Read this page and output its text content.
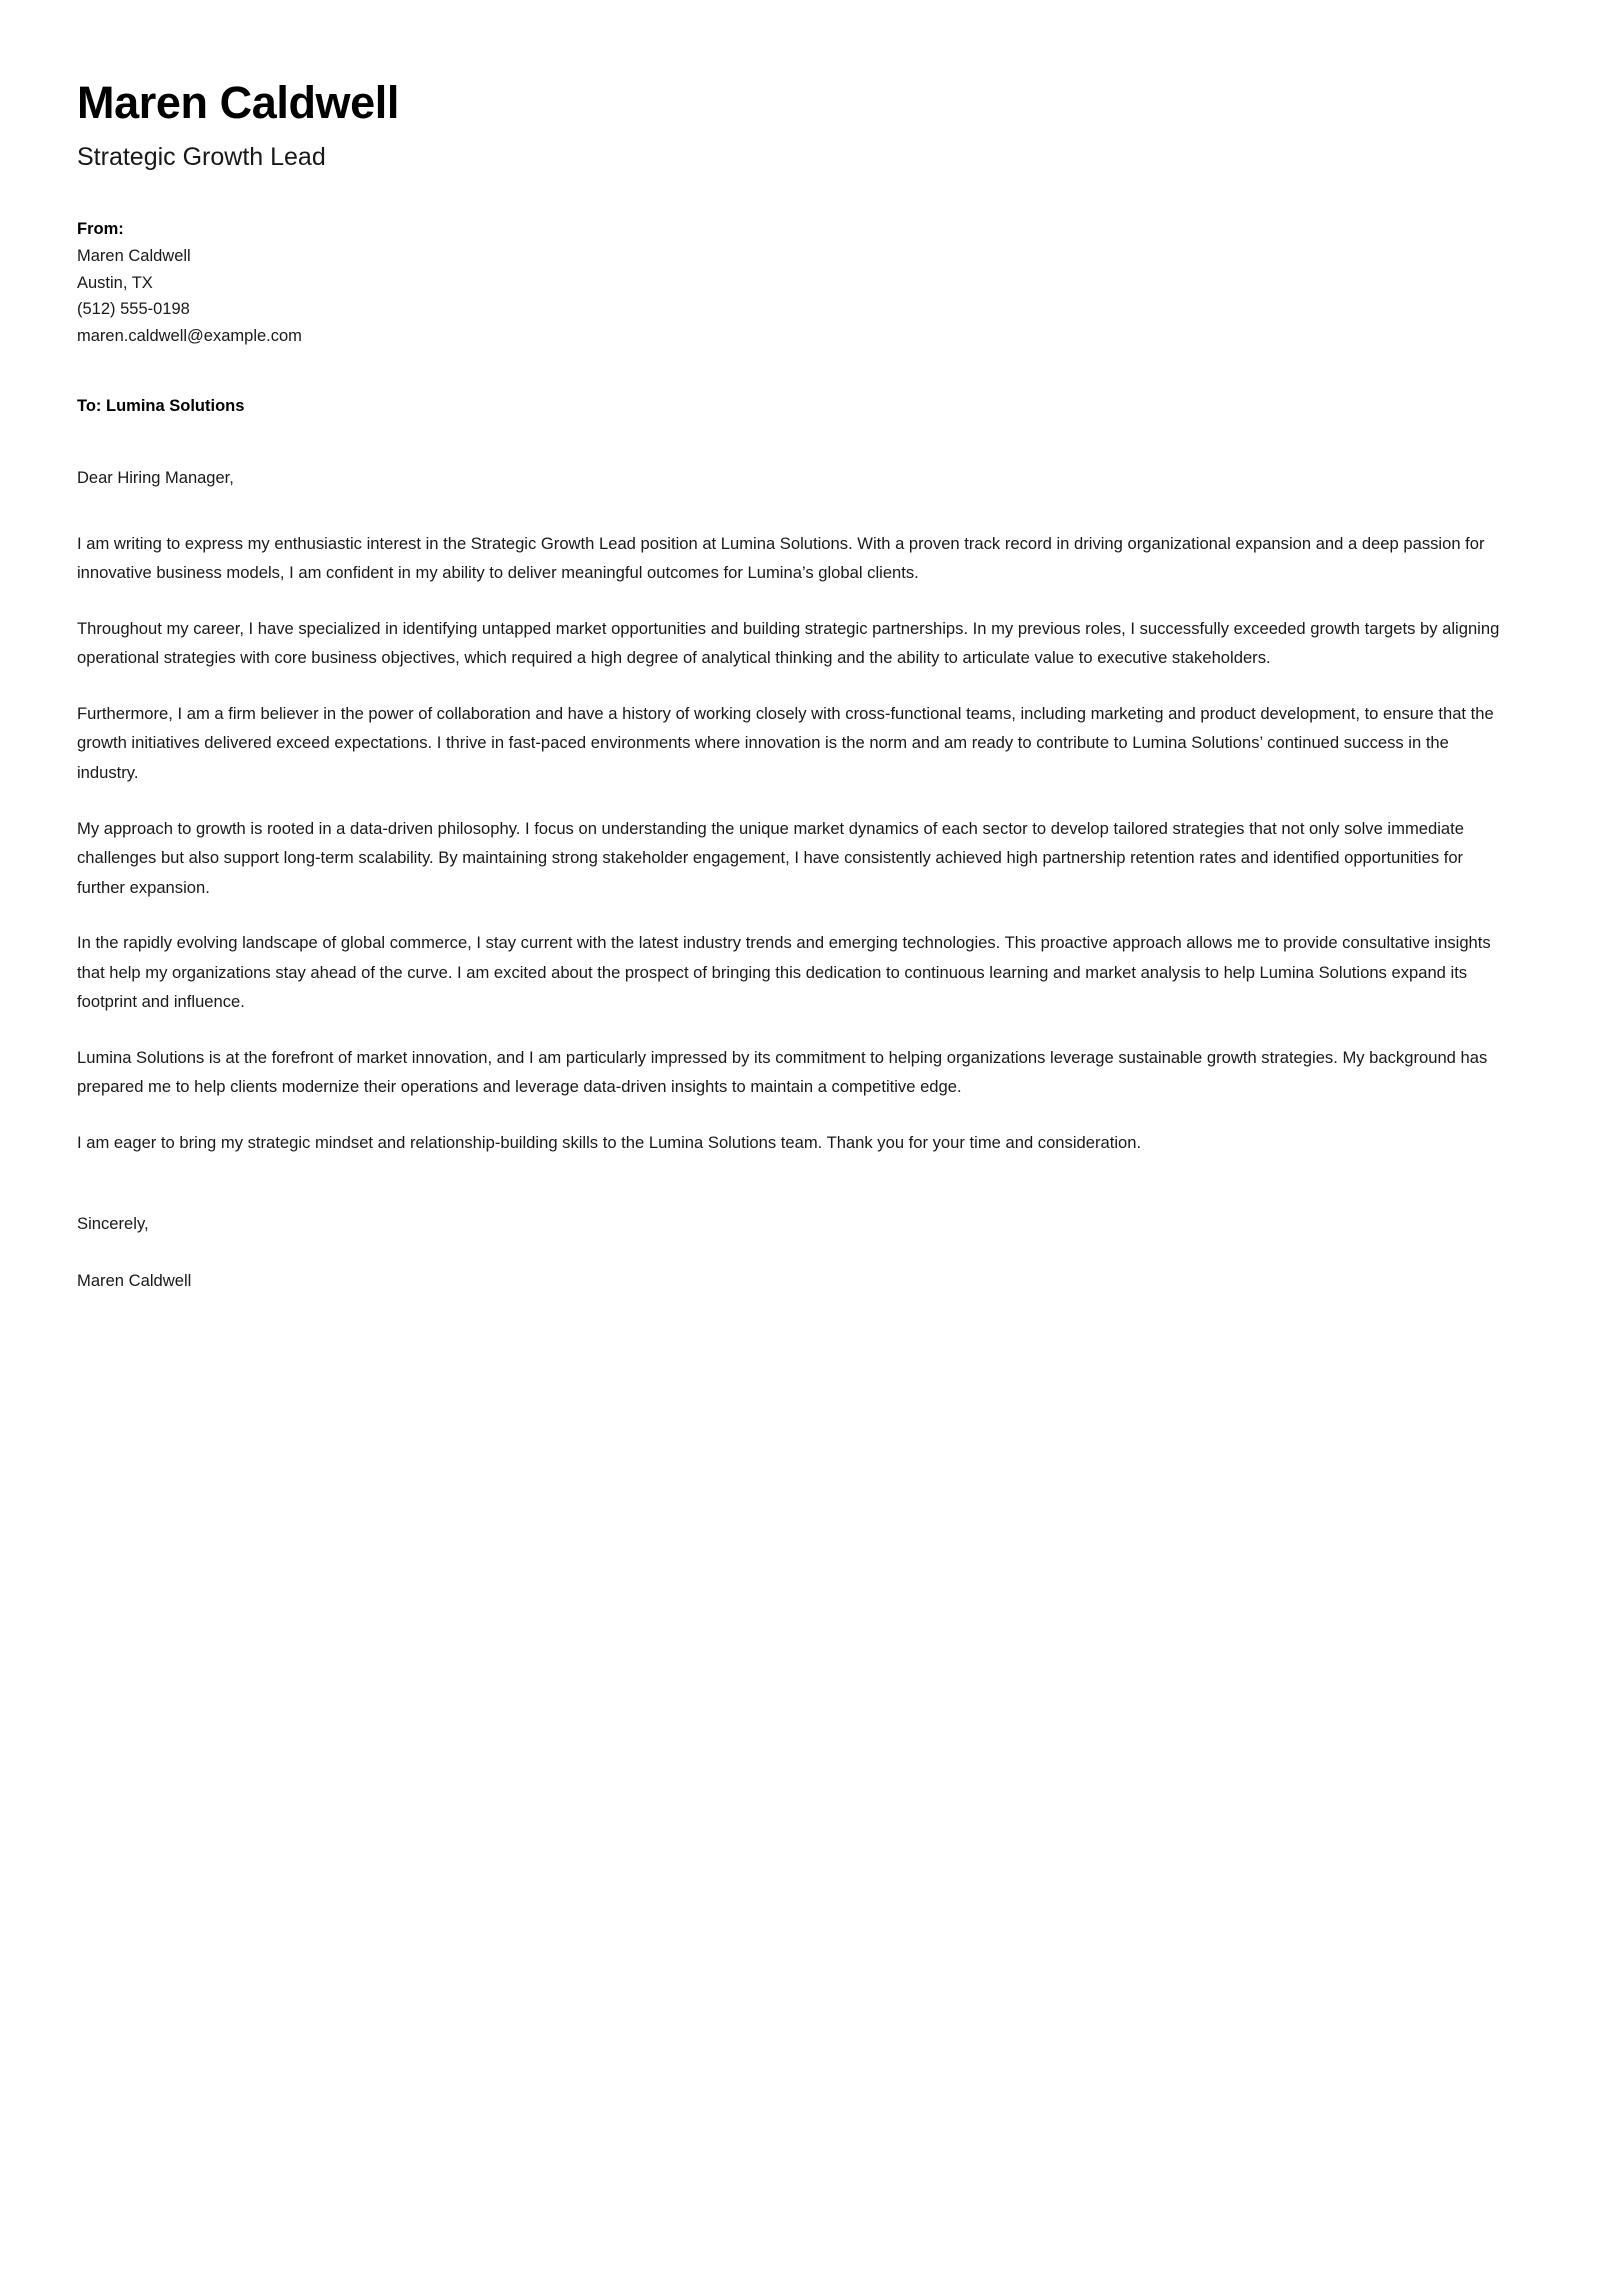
Maren Caldwell
Strategic Growth Lead
From:
Maren Caldwell
Austin, TX
(512) 555-0198
maren.caldwell@example.com
To: Lumina Solutions
Dear Hiring Manager,

I am writing to express my enthusiastic interest in the Strategic Growth Lead position at Lumina Solutions. With a proven track record in driving organizational expansion and a deep passion for innovative business models, I am confident in my ability to deliver meaningful outcomes for Lumina’s global clients.

Throughout my career, I have specialized in identifying untapped market opportunities and building strategic partnerships. In my previous roles, I successfully exceeded growth targets by aligning operational strategies with core business objectives, which required a high degree of analytical thinking and the ability to articulate value to executive stakeholders.

Furthermore, I am a firm believer in the power of collaboration and have a history of working closely with cross-functional teams, including marketing and product development, to ensure that the growth initiatives delivered exceed expectations. I thrive in fast-paced environments where innovation is the norm and am ready to contribute to Lumina Solutions’ continued success in the industry.

My approach to growth is rooted in a data-driven philosophy. I focus on understanding the unique market dynamics of each sector to develop tailored strategies that not only solve immediate challenges but also support long-term scalability. By maintaining strong stakeholder engagement, I have consistently achieved high partnership retention rates and identified opportunities for further expansion.

In the rapidly evolving landscape of global commerce, I stay current with the latest industry trends and emerging technologies. This proactive approach allows me to provide consultative insights that help my organizations stay ahead of the curve. I am excited about the prospect of bringing this dedication to continuous learning and market analysis to help Lumina Solutions expand its footprint and influence.

Lumina Solutions is at the forefront of market innovation, and I am particularly impressed by its commitment to helping organizations leverage sustainable growth strategies. My background has prepared me to help clients modernize their operations and leverage data-driven insights to maintain a competitive edge.

I am eager to bring my strategic mindset and relationship-building skills to the Lumina Solutions team. Thank you for your time and consideration.

Sincerely,

Maren Caldwell
